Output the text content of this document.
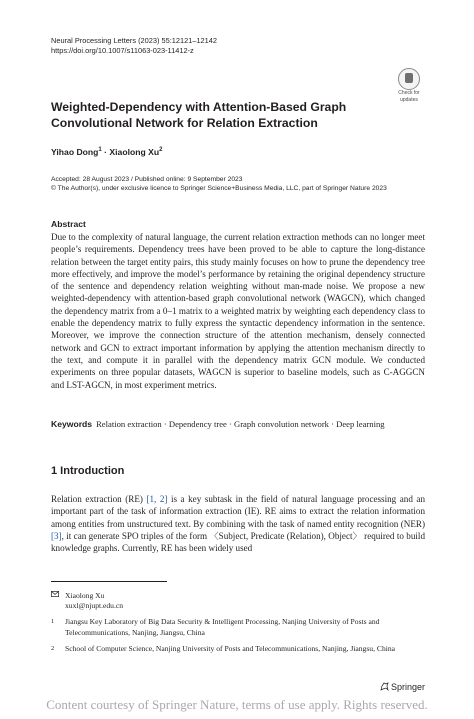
Neural Processing Letters (2023) 55:12121–12142
https://doi.org/10.1007/s11063-023-11412-z
Check for
updates
Weighted-Dependency with Attention-Based Graph
Convolutional Network for Relation Extraction
Yihao Dong$^1$ · Xiaolong Xu$^2$
Accepted: 28 August 2023 / Published online: 9 September 2023
© The Author(s), under exclusive licence to Springer Science+Business Media, LLC, part of Springer Nature 2023
Abstract
Due to the complexity of natural language, the current relation extraction methods can no longer meet people’s requirements. Dependency trees have been proved to be able to capture the long-distance relation between the target entity pairs, this study mainly focuses on how to prune the dependency tree more effectively, and improve the model’s performance by retaining the original dependency structure of the sentence and dependency relation weighting without man-made noise. We propose a new weighted-dependency with attention-based graph convolutional network (WAGCN), which changed the dependency matrix from a 0–1 matrix to a weighted matrix by weighting each dependency class to enable the dependency matrix to fully express the syntactic dependency information in the sentence. Moreover, we improve the connection structure of the attention mechanism, densely connected network and GCN to extract important information by applying the attention mechanism directly to the text, and compute it in parallel with the dependency matrix GCN module. We conducted experiments on three popular datasets, WAGCN is superior to baseline models, such as C-AGGCN and LST-AGCN, in most experiment metrics.
Keywords Relation extraction · Dependency tree · Graph convolution network · Deep learning
1 Introduction
Relation extraction (RE) [1, 2] is a key subtask in the field of natural language processing and an important part of the task of information extraction (IE). RE aims to extract the relation information among entities from unstructured text. By combining with the task of named entity recognition (NER) [3], it can generate SPO triples of the form 〈Subject, Predicate (Relation), Object〉 required to build knowledge graphs. Currently, RE has been widely used
Xiaolong Xu
xuxl@njupt.edu.cn
1	Jiangsu Key Laboratory of Big Data Security & Intelligent Processing, Nanjing University of Posts and Telecommunications, Nanjing, Jiangsu, China
2	School of Computer Science, Nanjing University of Posts and Telecommunications, Nanjing, Jiangsu, China
Springer
Content courtesy of Springer Nature, terms of use apply. Rights reserved.
